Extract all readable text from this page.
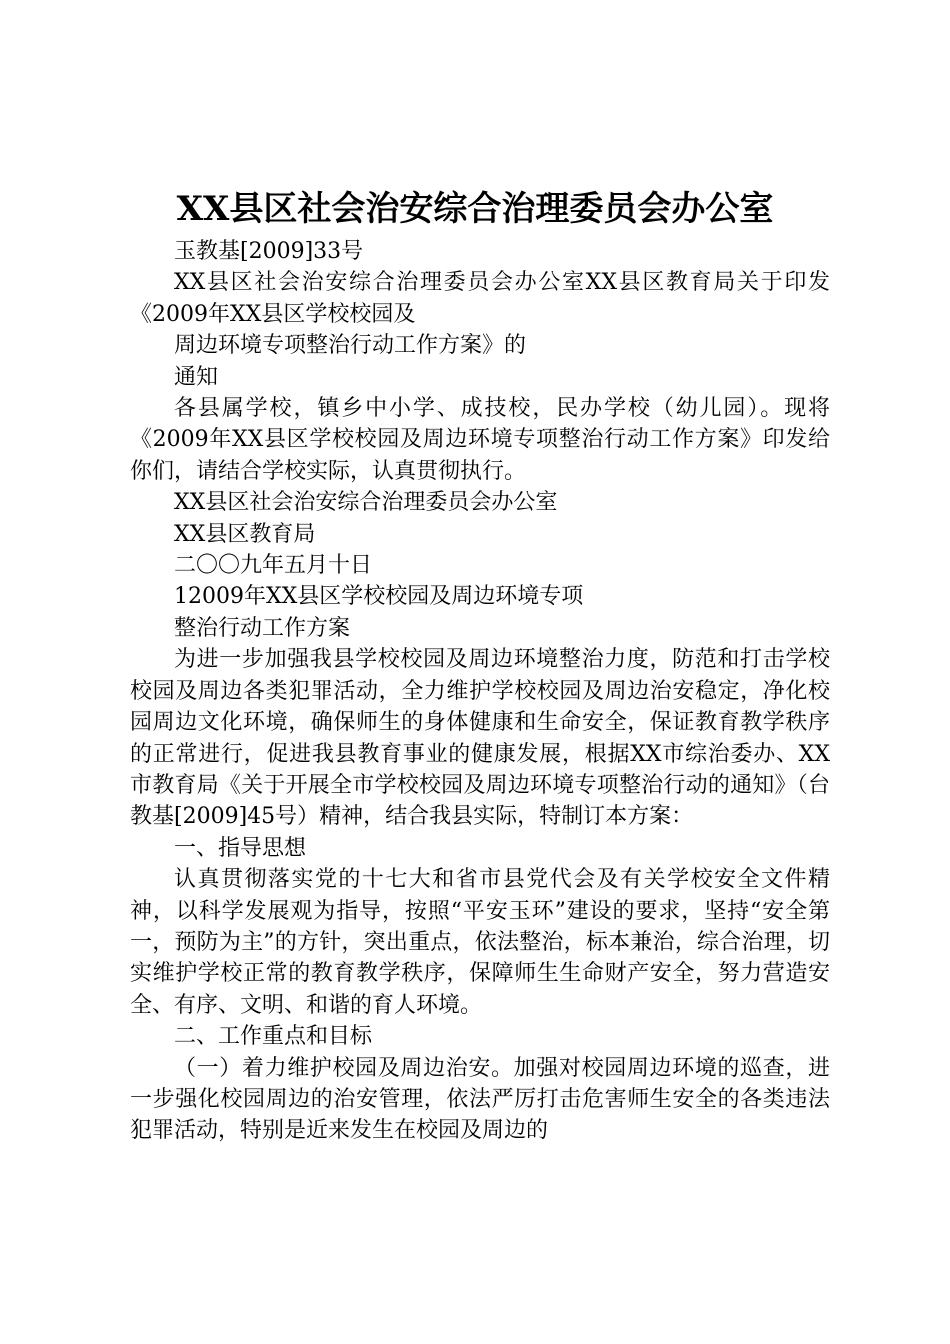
XX县区社会治安综合治理委员会办公室

玉教基[2009]33号

XX县区社会治安综合治理委员会办公室XX县区教育局关于印发《2009年XX县区学校校园及

周边环境专项整治行动工作方案》的

通知

各县属学校，镇乡中小学、成技校，民办学校（幼儿园）。现将《2009年XX县区学校校园及周边环境专项整治行动工作方案》印发给你们，请结合学校实际，认真贯彻执行。

XX县区社会治安综合治理委员会办公室

XX县区教育局

二〇〇九年五月十日

12009年XX县区学校校园及周边环境专项

整治行动工作方案

为进一步加强我县学校校园及周边环境整治力度，防范和打击学校校园及周边各类犯罪活动，全力维护学校校园及周边治安稳定，净化校园周边文化环境，确保师生的身体健康和生命安全，保证教育教学秩序的正常进行，促进我县教育事业的健康发展，根据XX市综治委办、XX市教育局《关于开展全市学校校园及周边环境专项整治行动的通知》（台教基[2009]45号）精神，结合我县实际，特制订本方案：

一、指导思想

认真贯彻落实党的十七大和省市县党代会及有关学校安全文件精神，以科学发展观为指导，按照“平安玉环”建设的要求，坚持“安全第一，预防为主”的方针，突出重点，依法整治，标本兼治，综合治理，切实维护学校正常的教育教学秩序，保障师生生命财产安全，努力营造安全、有序、文明、和谐的育人环境。

二、工作重点和目标

（一）着力维护校园及周边治安。加强对校园周边环境的巡查，进一步强化校园周边的治安管理，依法严厉打击危害师生安全的各类违法犯罪活动，特别是近来发生在校园及周边的
